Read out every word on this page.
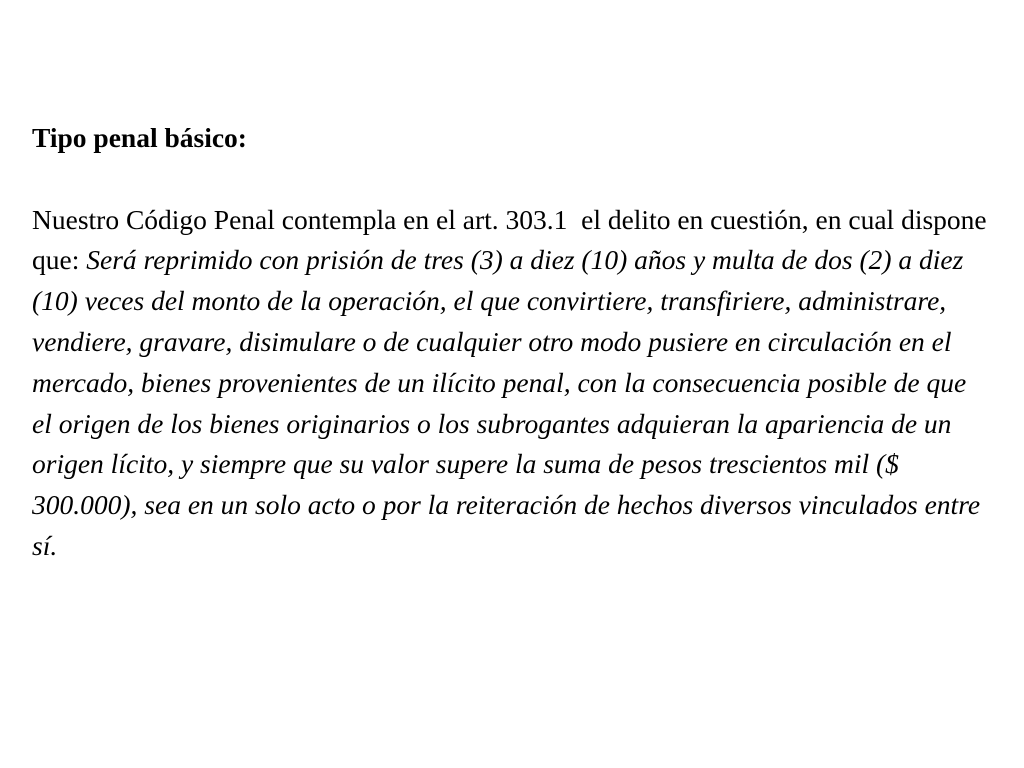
Tipo penal básico:

Nuestro Código Penal contempla en el art. 303.1  el delito en cuestión, en cual dispone que: Será reprimido con prisión de tres (3) a diez (10) años y multa de dos (2) a diez (10) veces del monto de la operación, el que convirtiere, transfiriere, administrare, vendiere, gravare, disimulare o de cualquier otro modo pusiere en circulación en el mercado, bienes provenientes de un ilícito penal, con la consecuencia posible de que el origen de los bienes originarios o los subrogantes adquieran la apariencia de un origen lícito, y siempre que su valor supere la suma de pesos trescientos mil ($ 300.000), sea en un solo acto o por la reiteración de hechos diversos vinculados entre sí.
